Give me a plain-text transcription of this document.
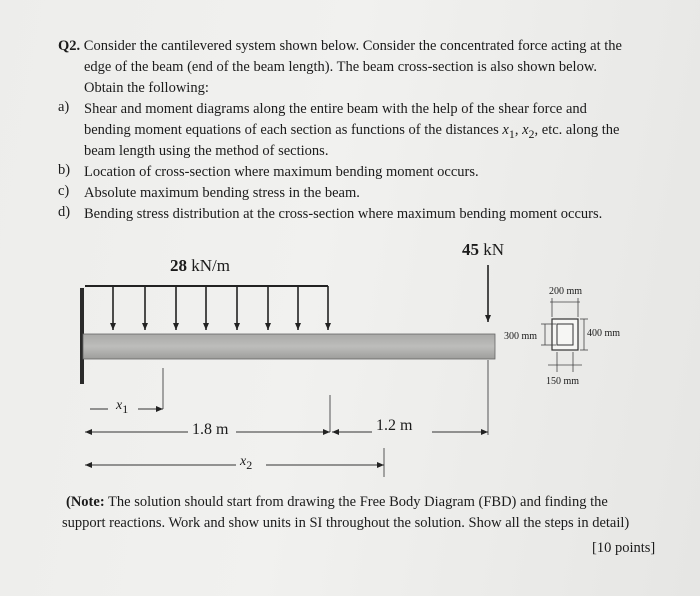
Q2. Consider the cantilevered system shown below. Consider the concentrated force acting at the
edge of the beam (end of the beam length). The beam cross-section is also shown below.
Obtain the following:
a) Shear and moment diagrams along the entire beam with the help of the shear force and
bending moment equations of each section as functions of the distances $x_1$, $x_2$, etc. along the
beam length using the method of sections.
b) Location of cross-section where maximum bending moment occurs.
c) Absolute maximum bending stress in the beam.
d) Bending stress distribution at the cross-section where maximum bending moment occurs.
28 kN/m
45 kN
$x_1$
1.8 m	1.2 m
$x_2$
200 mm
400 mm
300 mm
150 mm
(Note: The solution should start from drawing the Free Body Diagram (FBD) and finding the
support reactions. Work and show units in SI throughout the solution. Show all the steps in detail)
[10 points]
